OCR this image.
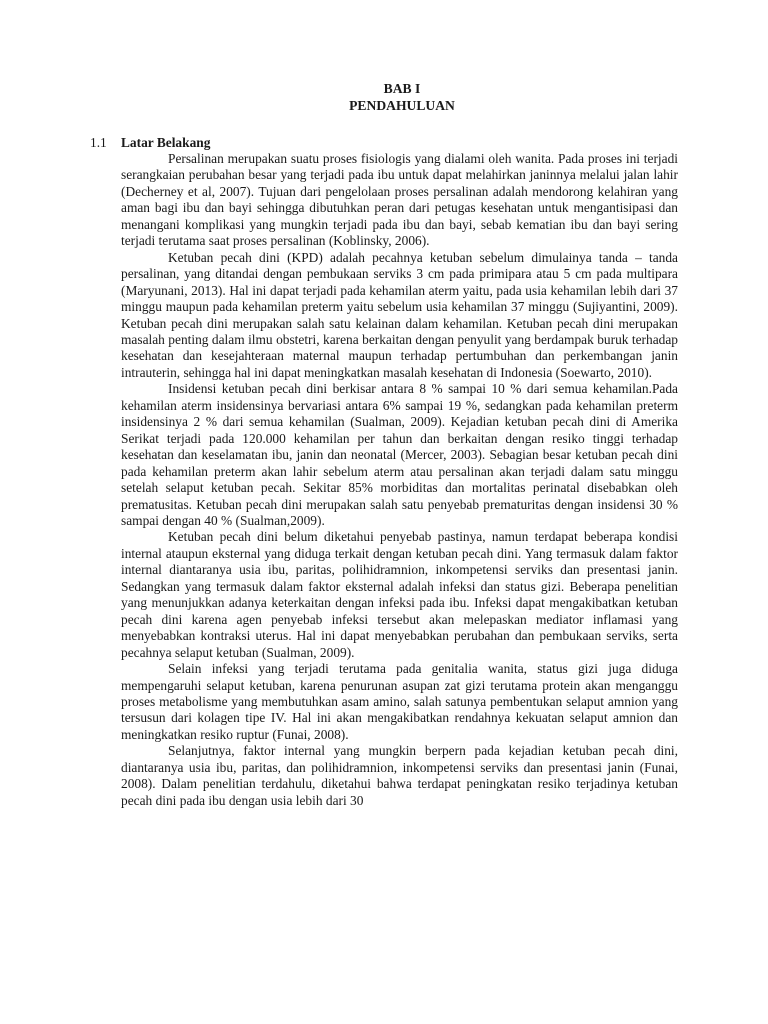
BAB I
PENDAHULUAN
1.1 Latar Belakang

Persalinan merupakan suatu proses fisiologis yang dialami oleh wanita. Pada proses ini terjadi serangkaian perubahan besar yang terjadi pada ibu untuk dapat melahirkan janinnya melalui jalan lahir (Decherney et al, 2007). Tujuan dari pengelolaan proses persalinan adalah mendorong kelahiran yang aman bagi ibu dan bayi sehingga dibutuhkan peran dari petugas kesehatan untuk mengantisipasi dan menangani komplikasi yang mungkin terjadi pada ibu dan bayi, sebab kematian ibu dan bayi sering terjadi terutama saat proses persalinan (Koblinsky, 2006).

Ketuban pecah dini (KPD) adalah pecahnya ketuban sebelum dimulainya tanda – tanda persalinan, yang ditandai dengan pembukaan serviks 3 cm pada primipara atau 5 cm pada multipara (Maryunani, 2013). Hal ini dapat terjadi pada kehamilan aterm yaitu, pada usia kehamilan lebih dari 37 minggu maupun pada kehamilan preterm yaitu sebelum usia kehamilan 37 minggu (Sujiyantini, 2009). Ketuban pecah dini merupakan salah satu kelainan dalam kehamilan. Ketuban pecah dini merupakan masalah penting dalam ilmu obstetri, karena berkaitan dengan penyulit yang berdampak buruk terhadap kesehatan dan kesejahteraan maternal maupun terhadap pertumbuhan dan perkembangan janin intrauterin, sehingga hal ini dapat meningkatkan masalah kesehatan di Indonesia (Soewarto, 2010).

Insidensi ketuban pecah dini berkisar antara 8 % sampai 10 % dari semua kehamilan.Pada kehamilan aterm insidensinya bervariasi antara 6% sampai 19 %, sedangkan pada kehamilan preterm insidensinya 2 % dari semua kehamilan (Sualman, 2009). Kejadian ketuban pecah dini di Amerika Serikat terjadi pada 120.000 kehamilan per tahun dan berkaitan dengan resiko tinggi terhadap kesehatan dan keselamatan ibu, janin dan neonatal (Mercer, 2003). Sebagian besar ketuban pecah dini pada kehamilan preterm akan lahir sebelum aterm atau persalinan akan terjadi dalam satu minggu setelah selaput ketuban pecah. Sekitar 85% morbiditas dan mortalitas perinatal disebabkan oleh prematusitas. Ketuban pecah dini merupakan salah satu penyebab prematuritas dengan insidensi 30 % sampai dengan 40 % (Sualman,2009).

Ketuban pecah dini belum diketahui penyebab pastinya, namun terdapat beberapa kondisi internal ataupun eksternal yang diduga terkait dengan ketuban pecah dini. Yang termasuk dalam faktor internal diantaranya usia ibu, paritas, polihidramnion, inkompetensi serviks dan presentasi janin. Sedangkan yang termasuk dalam faktor eksternal adalah infeksi dan status gizi. Beberapa penelitian yang menunjukkan adanya keterkaitan dengan infeksi pada ibu. Infeksi dapat mengakibatkan ketuban pecah dini karena agen penyebab infeksi tersebut akan melepaskan mediator inflamasi yang menyebabkan kontraksi uterus. Hal ini dapat menyebabkan perubahan dan pembukaan serviks, serta pecahnya selaput ketuban (Sualman, 2009).

Selain infeksi yang terjadi terutama pada genitalia wanita, status gizi juga diduga mempengaruhi selaput ketuban, karena penurunan asupan zat gizi terutama protein akan menganggu proses metabolisme yang membutuhkan asam amino, salah satunya pembentukan selaput amnion yang tersusun dari kolagen tipe IV. Hal ini akan mengakibatkan rendahnya kekuatan selaput amnion dan meningkatkan resiko ruptur (Funai, 2008).

Selanjutnya, faktor internal yang mungkin berpern pada kejadian ketuban pecah dini, diantaranya usia ibu, paritas, dan polihidramnion, inkompetensi serviks dan presentasi janin (Funai, 2008). Dalam penelitian terdahulu, diketahui bahwa terdapat peningkatan resiko terjadinya ketuban pecah dini pada ibu dengan usia lebih dari 30
